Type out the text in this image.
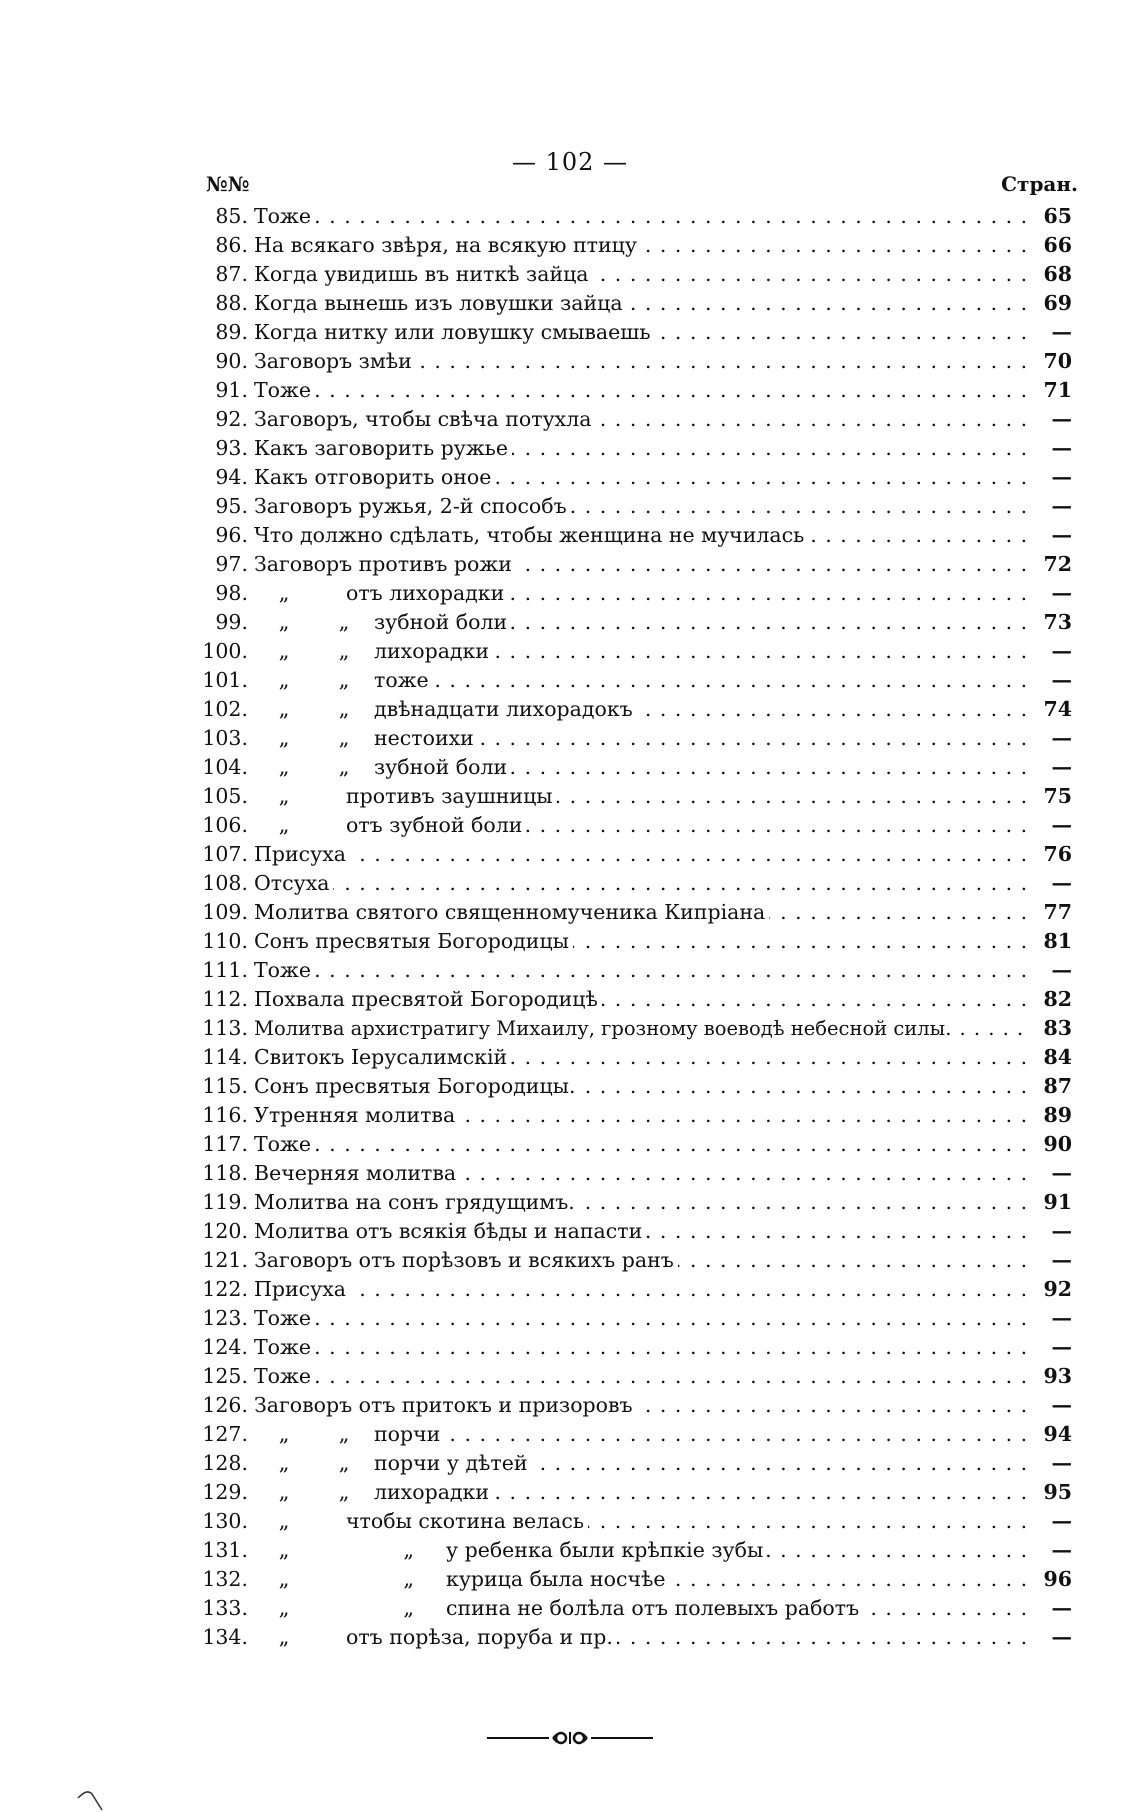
— 102 —
№№	Стран.
85. Тоже . . .	65
86. На всякаго звѣря, на всякую птицу . . .	66
87. Когда увидишь въ ниткѣ зайца . . .	68
88. Когда вынешь изъ ловушки зайца . . .	69
89. Когда нитку или ловушку смываешь . . .	—
90. Заговоръ змѣи . . .	70
91. Тоже . . .	71
92. Заговоръ, чтобы свѣча потухла . . .	—
93. Какъ заговорить ружье . . .	—
94. Какъ отговорить оное . . .	—
95. Заговоръ ружья, 2-й способъ . . .	—
96. Что должно сдѣлать, чтобы женщина не мучилась . . .	—
97. Заговоръ противъ рожи . . .	72
98.	„	отъ лихорадки . . .	—
99.	„ „ зубной боли . . .	73
100.	„ „ лихорадки . . .	—
101.	„ „ тоже . . .	—
102.	„ „ двѣнадцати лихорадокъ . . .	74
103.	„ „ нестоихи . . .	—
104.	„ „ зубной боли . . .	—
105.	„	противъ заушницы . . .	75
106.	„	отъ зубной боли . . .	—
107. Присуха . . .	76
108. Отсуха . . .	—
109. Молитва святого священномученика Кипріана . . .	77
110. Сонъ пресвятыя Богородицы . . .	81
111. Тоже . . .	—
112. Похвала пресвятой Богородицѣ . . .	82
113. Молитва архистратигу Михаилу, грозному воеводѣ небесной силы. . . .	83
114. Свитокъ Іерусалимскій . . .	84
115. Сонъ пресвятыя Богородицы. . . .	87
116. Утренняя молитва . . .	89
117. Тоже . . .	90
118. Вечерняя молитва . . .	—
119. Молитва на сонъ грядущимъ. . . .	91
120. Молитва отъ всякія бѣды и напасти . . .	—
121. Заговоръ отъ порѣзовъ и всякихъ ранъ . . .	—
122. Присуха . . .	92
123. Тоже . . .	—
124. Тоже . . .	—
125. Тоже . . .	93
126. Заговоръ отъ притокъ и призоровъ . . .	—
127.	„ „ порчи . . .	94
128.	„ „ порчи у дѣтей . . .	—
129.	„ „ лихорадки . . .	95
130.	„	чтобы скотина велась . . .	—
131.	„	„ у ребенка были крѣпкіе зубы . . .	—
132.	„	„ курица была носчѣе . . .	96
133.	„	„ спина не болѣла отъ полевыхъ работъ . . .	—
134.	„	отъ порѣза, поруба и пр. . . .	—
